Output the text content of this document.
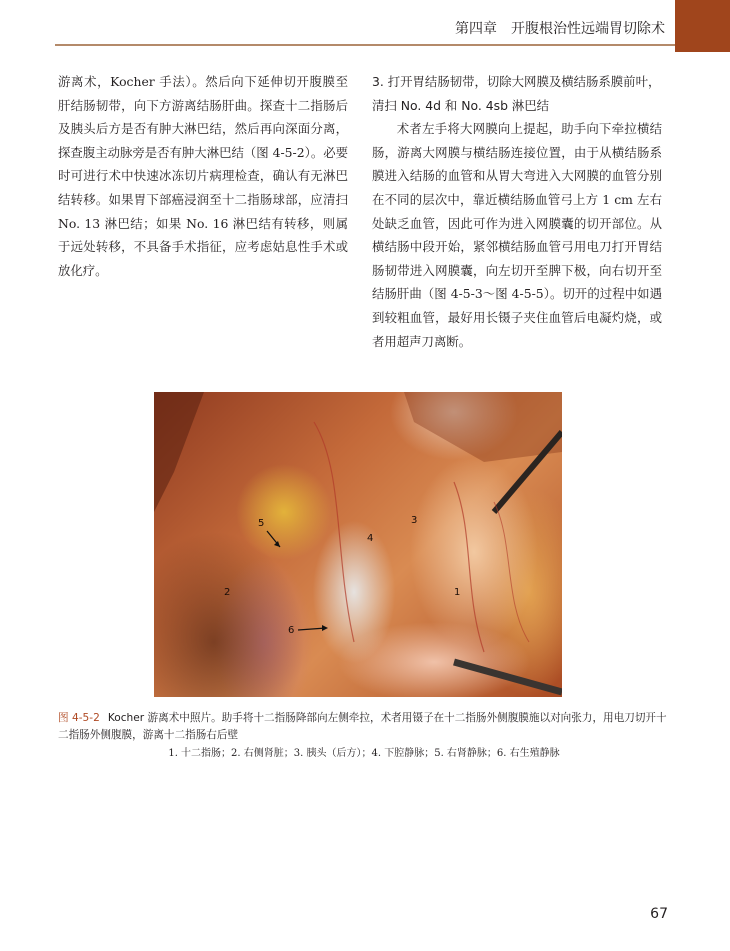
第四章　开腹根治性远端胃切除术

游离术，Kocher 手法）。然后向下延伸切开腹膜至肝结肠韧带，向下方游离结肠肝曲。探查十二指肠后及胰头后方是否有肿大淋巴结，然后再向深面分离，探查腹主动脉旁是否有肿大淋巴结（图 4-5-2）。必要时可进行术中快速冰冻切片病理检查，确认有无淋巴结转移。如果胃下部癌浸润至十二指肠球部，应清扫 No. 13 淋巴结；如果 No. 16 淋巴结有转移，则属于远处转移，不具备手术指征，应考虑姑息性手术或放化疗。

3. 打开胃结肠韧带，切除大网膜及横结肠系膜前叶，

清扫 No. 4d 和 No. 4sb 淋巴结

术者左手将大网膜向上提起，助手向下牵拉横结肠，游离大网膜与横结肠连接位置，由于从横结肠系膜进入结肠的血管和从胃大弯进入大网膜的血管分别在不同的层次中，靠近横结肠血管弓上方 1 cm 左右处缺乏血管，因此可作为进入网膜囊的切开部位。从横结肠中段开始，紧邻横结肠血管弓用电刀打开胃结肠韧带进入网膜囊，向左切开至脾下极，向右切开至结肠肝曲（图 4-5-3～图 4-5-5）。切开的过程中如遇到较粗血管，最好用长镊子夹住血管后电凝灼烧，或者用超声刀离断。

1
2
3
4
5
6
图 4-5-2 Kocher 游离术中照片。助手将十二指肠降部向左侧牵拉，术者用镊子在十二指肠外侧腹膜施以对向张力，用电刀切开十二指肠外侧腹膜，游离十二指肠右后壁
1. 十二指肠；2. 右侧肾脏；3. 胰头（后方）；4. 下腔静脉；5. 右肾静脉；6. 右生殖静脉
67
